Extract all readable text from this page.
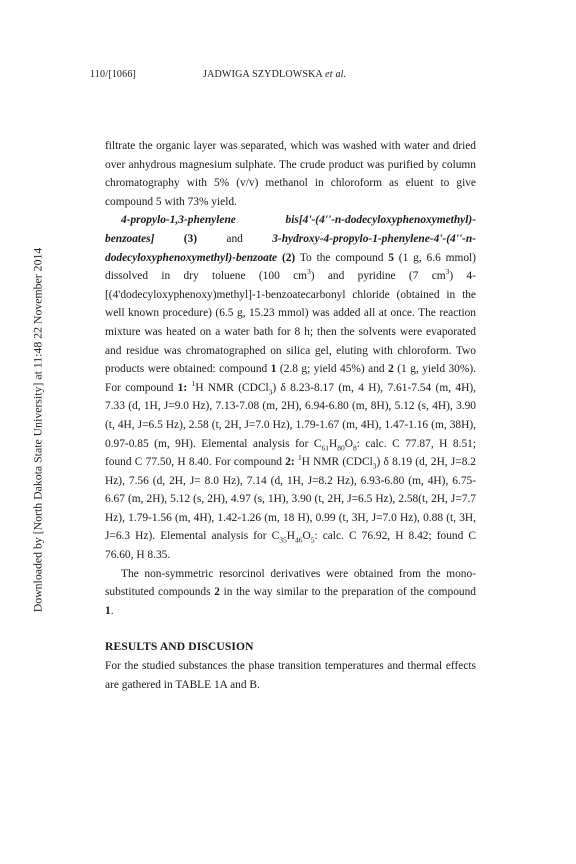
110/[1066]	JADWIGA SZYDLOWSKA et al.
Downloaded by [North Dakota State University] at 11:48 22 November 2014

filtrate the organic layer was separated, which was washed with water and dried over anhydrous magnesium sulphate. The crude product was purified by column chromatography with 5% (v/v) methanol in chloroform as eluent to give compound 5 with 73% yield.

4-propylo-1,3-phenylene bis[4'-(4''-n-dodecyloxyphenoxymethyl)-benzoates]	(3)	and	3-hydroxy-4-propylo-1-phenylene-4'-(4''-n-dodecyloxyphenoxymethyl)-benzoate (2) To the compound 5 (1 g, 6.6 mmol) dissolved in dry toluene (100 $cm^3$) and pyridine (7 $cm^3$) 4-[(4'dodecyloxyphenoxy)methyl]-1-benzoatecarbonyl chloride (obtained in the well known procedure) (6.5 g, 15.23 mmol) was added all at once. The reaction mixture was heated on a water bath for 8 h; then the solvents were evaporated and residue was chromatographed on silica gel, eluting with chloroform. Two products were obtained: compound 1 (2.8 g; yield 45%) and 2 (1 g, yield 30%). For compound 1: $^1$H NMR (CDCl$_3$) δ 8.23-8.17 (m, 4 H), 7.61-7.54 (m, 4H), 7.33 (d, 1H, J=9.0 Hz), 7.13-7.08 (m, 2H), 6.94-6.80 (m, 8H), 5.12 (s, 4H), 3.90 (t, 4H, J=6.5 Hz), 2.58 (t, 2H, J=7.0 Hz), 1.79-1.67 (m, 4H), 1.47-1.16 (m, 38H), 0.97-0.85 (m, 9H). Elemental analysis for $C_{61}H_{80}O_8$: calc. C 77.87, H 8.51; found C 77.50, H 8.40. For compound 2: $^1$H NMR (CDCl$_3$) δ 8.19 (d, 2H, J=8.2 Hz), 7.56 (d, 2H, J= 8.0 Hz), 7.14 (d, 1H, J=8.2 Hz), 6.93-6.80 (m, 4H), 6.75-6.67 (m, 2H), 5.12 (s, 2H), 4.97 (s, 1H), 3.90 (t, 2H, J=6.5 Hz), 2.58(t, 2H, J=7.7 Hz), 1.79-1.56 (m, 4H), 1.42-1.26 (m, 18 H), 0.99 (t, 3H, J=7.0 Hz), 0.88 (t, 3H, J=6.3 Hz). Elemental analysis for $C_{35}H_{46}O_5$: calc. C 76.92, H 8.42; found C 76.60, H 8.35.

The non-symmetric resorcinol derivatives were obtained from the mono-substituted compounds 2 in the way similar to the preparation of the compound 1.

RESULTS AND DISCUSION

For the studied substances the phase transition temperatures and thermal effects are gathered in TABLE 1A and B.
